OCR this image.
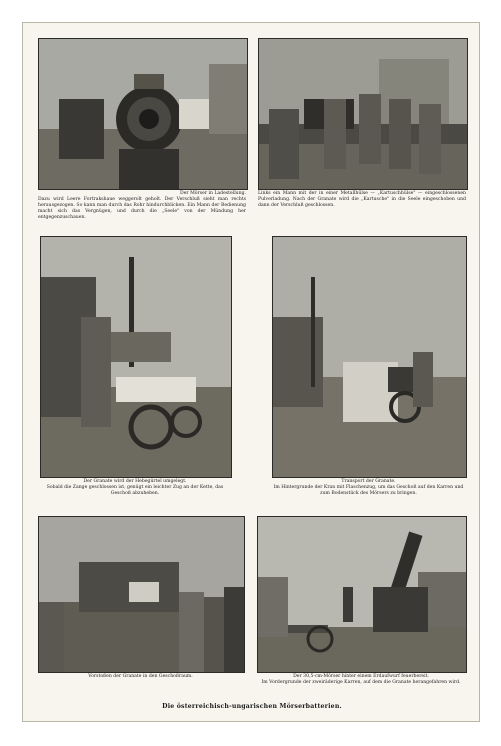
Der Mörser in Ladestellung.
Dazu wird Leere Fortrakshaue weggerolt geholt. Der Verschluß sieht man rechts herausgezogen. So kann man durch das Rohr hindurchblicken. Ein Mann der Bedienung macht sich das Vergnügen, und durch die „Seele" von der Mündung her entgegenzuschauen.
Links ein Mann mit der in einer Metallhülse — „Kartuschhülse" — eingeschlossenen Pulverladung. Nach der Granate wird die „Kartusche" in die Seele eingeschoben und dann der Verschluß geschlossen.
Der Granate wird der Hebegürtel umgelegt.
Sobald die Zange geschlossen ist, genügt ein leichter Zug an der Kette, das Geschoß abzuheben.
Transport der Granate.
Im Hintergrunde der Kran mit Flaschenzug, um das Geschoß auf den Karren und zum Bodenstück des Mörsers zu bringen.
Vorstoßen der Granate in den Geschoßraum.	Der 30,5-cm-Mörser hinter einem Erdaufwurf feuerbereit.
Im Vordergrunde der zweiräderige Karren, auf dem die Granate herangefahren wird.
Die österreichisch-ungarischen Mörserbatterien.
